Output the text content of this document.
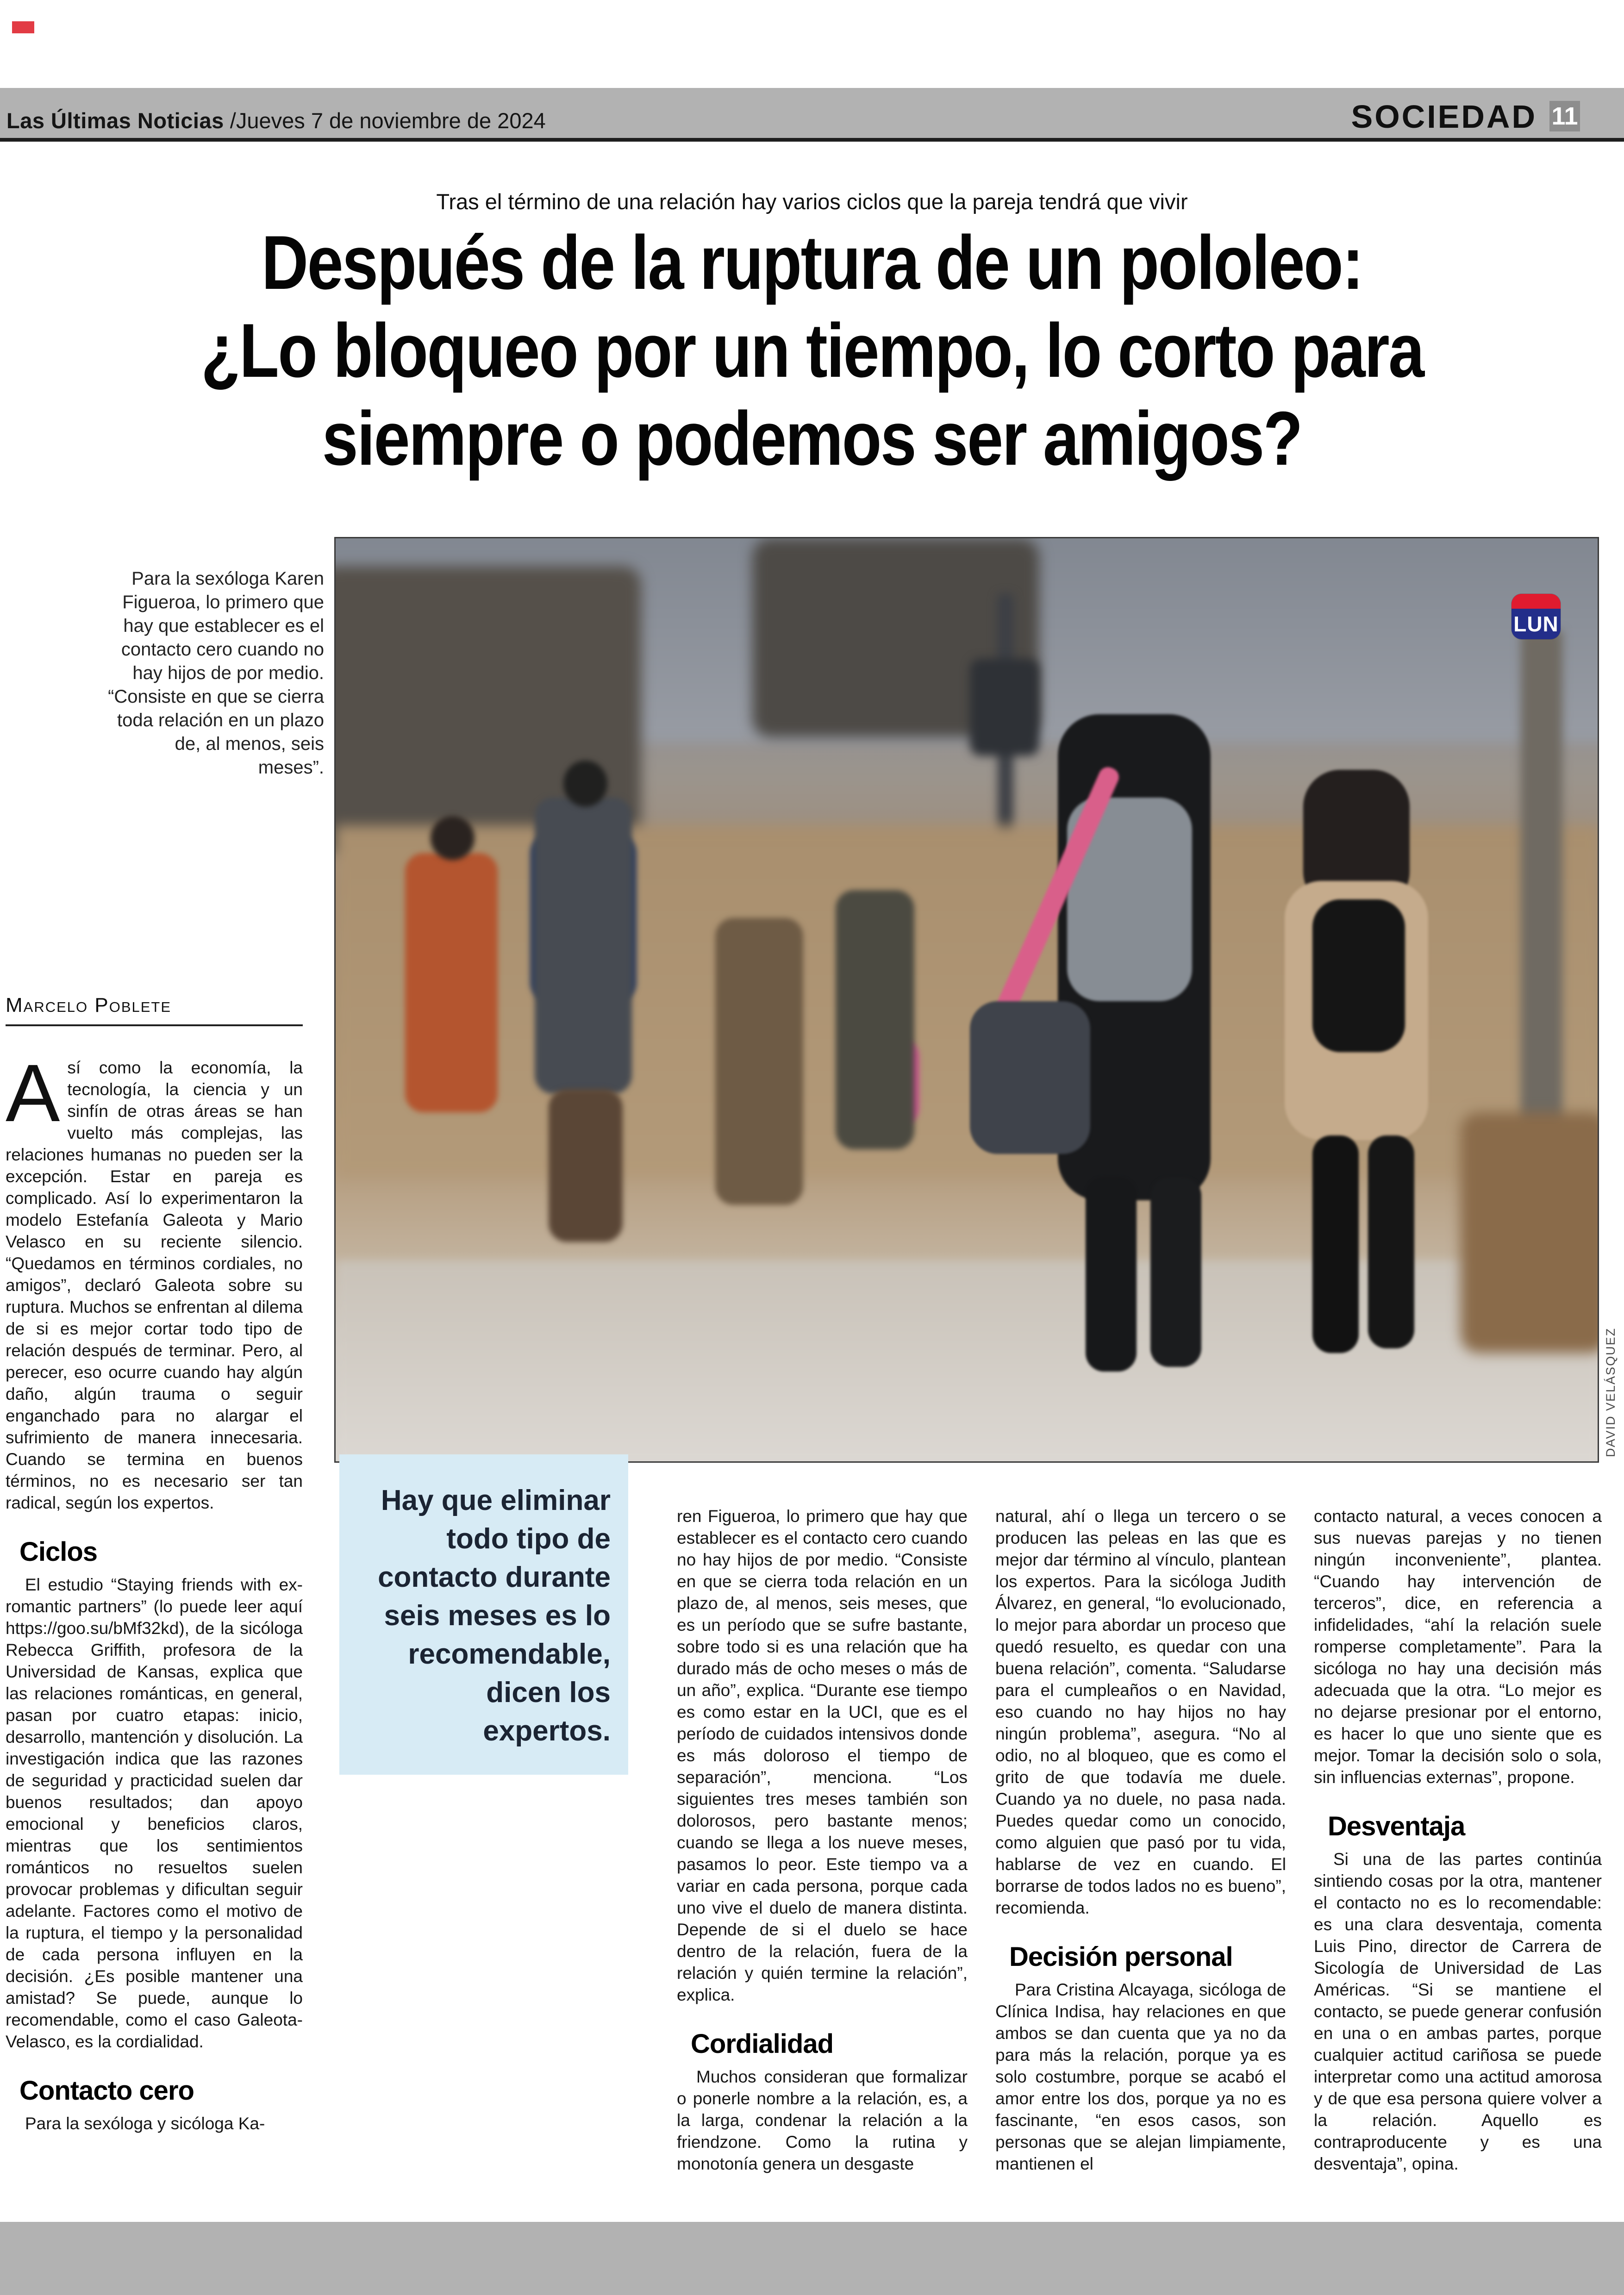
Las Últimas Noticias /Jueves 7 de noviembre de 2024	SOCIEDAD 11
Tras el término de una relación hay varios ciclos que la pareja tendrá que vivir
Después de la ruptura de un pololeo:
¿Lo bloqueo por un tiempo, lo corto para
siempre o podemos ser amigos?
Para la sexóloga Karen Figueroa, lo primero que hay que establecer es el contacto cero cuando no hay hijos de por medio. “Consiste en que se cierra toda relación en un plazo de, al menos, seis meses”.
LUN
DAVID VELÁSQUEZ
Marcelo Poblete

Así como la economía, la tecnología, la ciencia y un sinfín de otras áreas se han vuelto más complejas, las relaciones humanas no pueden ser la excepción. Estar en pareja es complicado. Así lo experimentaron la modelo Estefanía Galeota y Mario Velasco en su reciente silencio. “Quedamos en términos cordiales, no amigos”, declaró Galeota sobre su ruptura. Muchos se enfrentan al dilema de si es mejor cortar todo tipo de relación después de terminar. Pero, al perecer, eso ocurre cuando hay algún daño, algún trauma o seguir enganchado para no alargar el sufrimiento de manera innecesaria. Cuando se termina en buenos términos, no es necesario ser tan radical, según los expertos.

Ciclos

El estudio “Staying friends with ex-romantic partners” (lo puede leer aquí https://goo.su/bMf32kd), de la sicóloga Rebecca Griffith, profesora de la Universidad de Kansas, explica que las relaciones románticas, en general, pasan por cuatro etapas: inicio, desarrollo, mantención y disolución. La investigación indica que las razones de seguridad y practicidad suelen dar buenos resultados; dan apoyo emocional y beneficios claros, mientras que los sentimientos románticos no resueltos suelen provocar problemas y dificultan seguir adelante. Factores como el motivo de la ruptura, el tiempo y la personalidad de cada persona influyen en la decisión. ¿Es posible mantener una amistad? Se puede, aunque lo recomendable, como el caso Galeota-Velasco, es la cordialidad.

Contacto cero

Para la sexóloga y sicóloga Ka-

Hay que eliminar todo tipo de contacto durante seis meses es lo recomendable, dicen los expertos.

ren Figueroa, lo primero que hay que establecer es el contacto cero cuando no hay hijos de por medio. “Consiste en que se cierra toda relación en un plazo de, al menos, seis meses, que es un período que se sufre bastante, sobre todo si es una relación que ha durado más de ocho meses o más de un año”, explica. “Durante ese tiempo es como estar en la UCI, que es el período de cuidados intensivos donde es más doloroso el tiempo de separación”, menciona. “Los siguientes tres meses también son dolorosos, pero bastante menos; cuando se llega a los nueve meses, pasamos lo peor. Este tiempo va a variar en cada persona, porque cada uno vive el duelo de manera distinta. Depende de si el duelo se hace dentro de la relación, fuera de la relación y quién termine la relación”, explica.

Cordialidad

Muchos consideran que formalizar o ponerle nombre a la relación, es, a la larga, condenar la relación a la friendzone. Como la rutina y monotonía genera un desgaste

natural, ahí o llega un tercero o se producen las peleas en las que es mejor dar término al vínculo, plantean los expertos. Para la sicóloga Judith Álvarez, en general, “lo evolucionado, lo mejor para abordar un proceso que quedó resuelto, es quedar con una buena relación”, comenta. “Saludarse para el cumpleaños o en Navidad, eso cuando no hay hijos no hay ningún problema”, asegura. “No al odio, no al bloqueo, que es como el grito de que todavía me duele. Cuando ya no duele, no pasa nada. Puedes quedar como un conocido, como alguien que pasó por tu vida, hablarse de vez en cuando. El borrarse de todos lados no es bueno”, recomienda.

Decisión personal

Para Cristina Alcayaga, sicóloga de Clínica Indisa, hay relaciones en que ambos se dan cuenta que ya no da para más la relación, porque ya es solo costumbre, porque se acabó el amor entre los dos, porque ya no es fascinante, “en esos casos, son personas que se alejan limpiamente, mantienen el

contacto natural, a veces conocen a sus nuevas parejas y no tienen ningún inconveniente”, plantea. “Cuando hay intervención de terceros”, dice, en referencia a infidelidades, “ahí la relación suele romperse completamente”. Para la sicóloga no hay una decisión más adecuada que la otra. “Lo mejor es no dejarse presionar por el entorno, es hacer lo que uno siente que es mejor. Tomar la decisión solo o sola, sin influencias externas”, propone.

Desventaja

Si una de las partes continúa sintiendo cosas por la otra, mantener el contacto no es lo recomendable: es una clara desventaja, comenta Luis Pino, director de Carrera de Sicología de Universidad de Las Américas. “Si se mantiene el contacto, se puede generar confusión en una o en ambas partes, porque cualquier actitud cariñosa se puede interpretar como una actitud amorosa y de que esa persona quiere volver a la relación. Aquello es contraproducente y es una desventaja”, opina.
